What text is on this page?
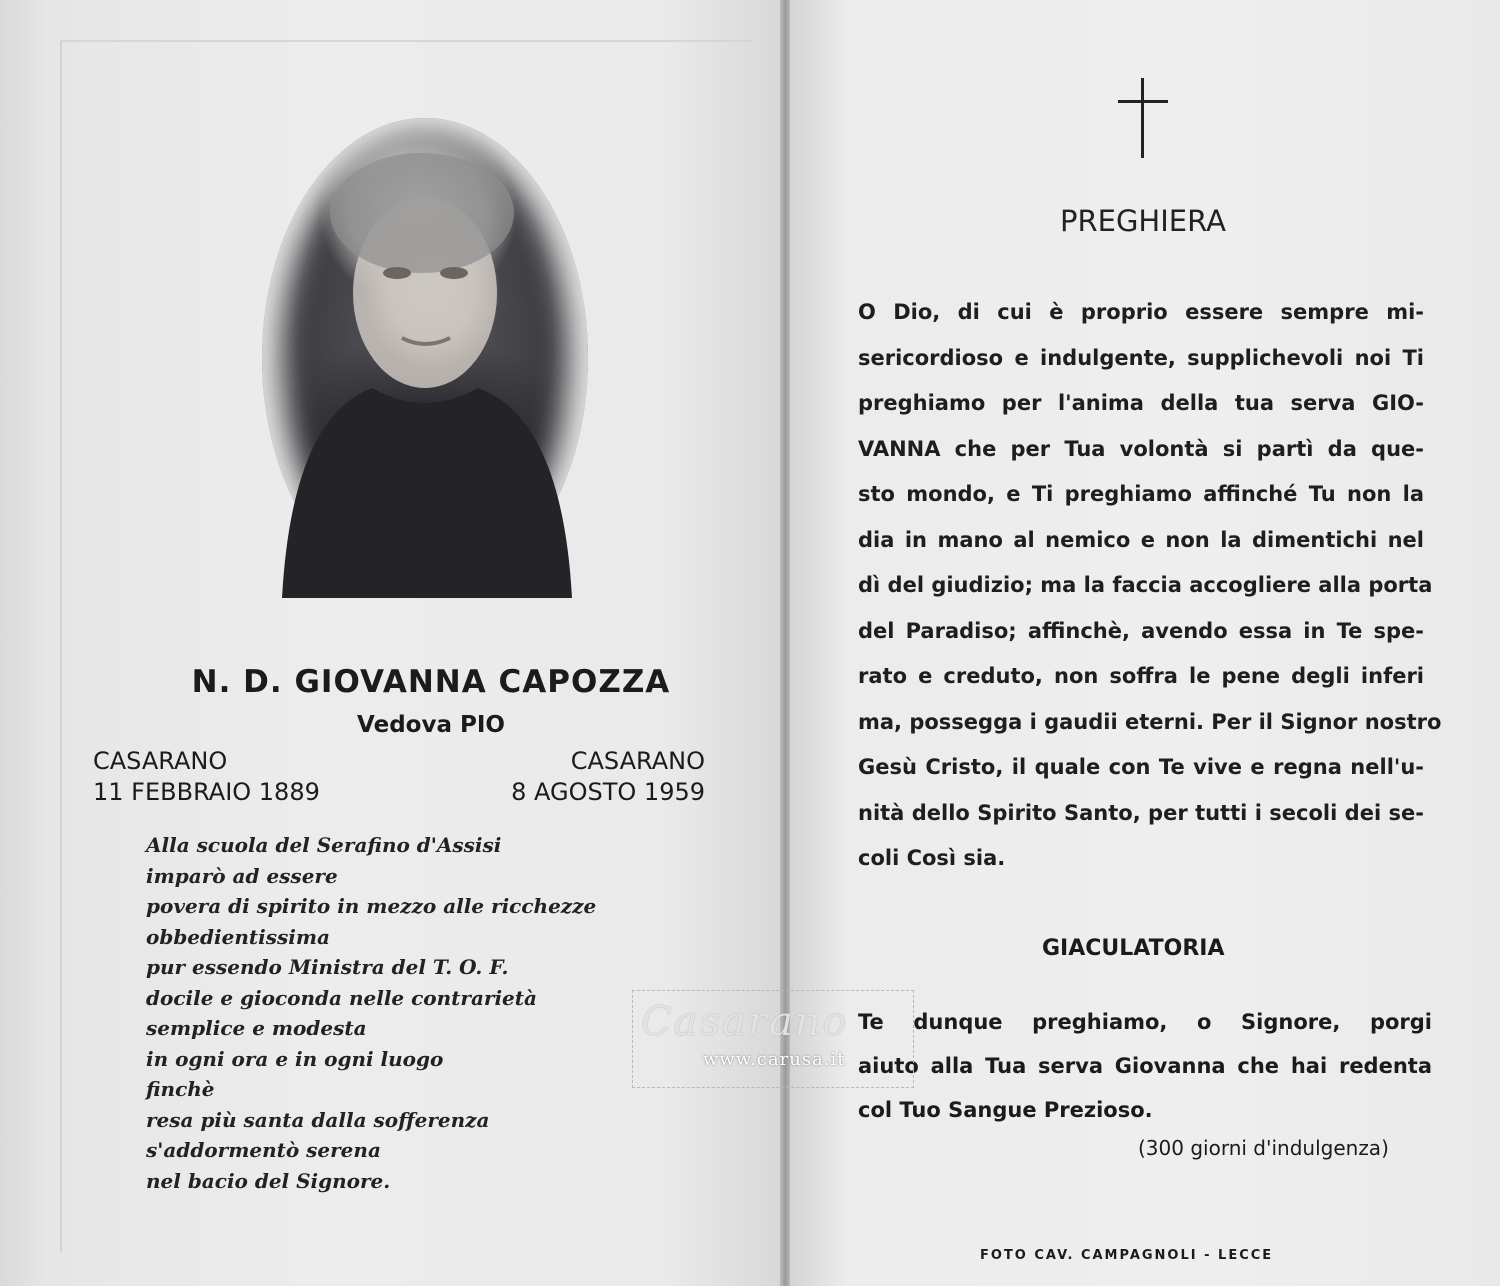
N. D. GIOVANNA CAPOZZA
Vedova PIO
CASARANO
11 FEBBRAIO 1889
CASARANO
8 AGOSTO 1959
Alla scuola del Serafino d'Assisi
imparò ad essere
povera di spirito in mezzo alle ricchezze
obbedientissima
pur essendo Ministra del T. O. F.
docile e gioconda nelle contrarietà
semplice e modesta
in ogni ora e in ogni luogo
finchè
resa più santa dalla sofferenza
s'addormentò serena
nel bacio del Signore.
PREGHIERA
O Dio, di cui è proprio essere sempre mi-
sericordioso e indulgente, supplichevoli noi Ti
preghiamo per l'anima della tua serva GIO-
VANNA che per Tua volontà si partì da que-
sto mondo, e Ti preghiamo affinché Tu non la
dia in mano al nemico e non la dimentichi nel
dì del giudizio; ma la faccia accogliere alla porta
del Paradiso; affinchè, avendo essa in Te spe-
rato e creduto, non soffra le pene degli inferi
ma, possegga i gaudii eterni. Per il Signor nostro
Gesù Cristo, il quale con Te vive e regna nell'u-
nità dello Spirito Santo, per tutti i secoli dei se-
coli Così sia.
GIACULATORIA
Te dunque preghiamo, o Signore, porgi
aiuto alla Tua serva Giovanna che hai redenta
col Tuo Sangue Prezioso.
(300 giorni d'indulgenza)
FOTO CAV. CAMPAGNOLI - LECCE
Casarano
www.carusa.it
